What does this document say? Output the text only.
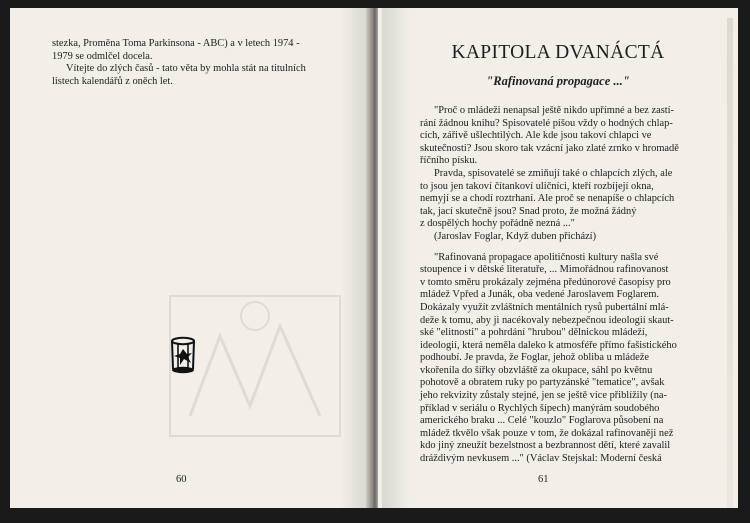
stezka, Proměna Toma Parkinsona - ABC) a v letech 1974 -
1979 se odmlčel docela.
Vítejte do zlých časů - tato věta by mohla stát na titulních
listech kalendářů z oněch let.
60
KAPITOLA DVANÁCTÁ
"Rafinovaná propagace ..."
"Proč o mládeži nenapsal ještě nikdo upřímné a bez zastí-
rání žádnou knihu? Spisovatelé píšou vždy o hodných chlap-
cích, zářivě ušlechtilých. Ale kde jsou takoví chlapci ve
skutečnosti? Jsou skoro tak vzácní jako zlaté zrnko v hromadě
říčního písku.
Pravda, spisovatelé se zmiňují také o chlapcích zlých, ale
to jsou jen takoví čítankoví uličníci, kteří rozbíjejí okna,
nemyjí se a chodí roztrhaní. Ale proč se nenapíše o chlapcích
tak, jací skutečně jsou? Snad proto, že možná žádný
z dospělých hochy pořádně nezná ..."
(Jaroslav Foglar, Když duben přichází)
"Rafinovaná propagace apolitičnosti kultury našla své
stoupence i v dětské literatuře, ... Mimořádnou rafinovanost
v tomto směru prokázaly zejména předúnorové časopisy pro
mládež Vpřed a Junák, oba vedené Jaroslavem Foglarem.
Dokázaly využít zvláštních mentálních rysů pubertální mlá-
deže k tomu, aby ji nacékovaly nebezpečnou ideologií skaut-
ské "elitnosti" a pohrdání "hrubou" dělnickou mládeží,
ideologií, která neměla daleko k atmosféře přímo fašistického
podhoubí. Je pravda, že Foglar, jehož obliba u mládeže
vkořenila do šířky obzvláště za okupace, sáhl po květnu
pohotově a obratem ruky po partyzánské "tematice", avšak
jeho rekvizity zůstaly stejné, jen se ještě více přiblížily (na-
příklad v seriálu o Rychlých šípech) manýrám soudobého
amerického braku ... Celé "kouzlo" Foglarova působení na
mládež tkvělo však pouze v tom, že dokázal rafinovaněji než
kdo jiný zneužít bezelstnost a bezbrannost dětí, které zavalil
dráždivým nevkusem ..." (Václav Stejskal: Moderní česká
61
